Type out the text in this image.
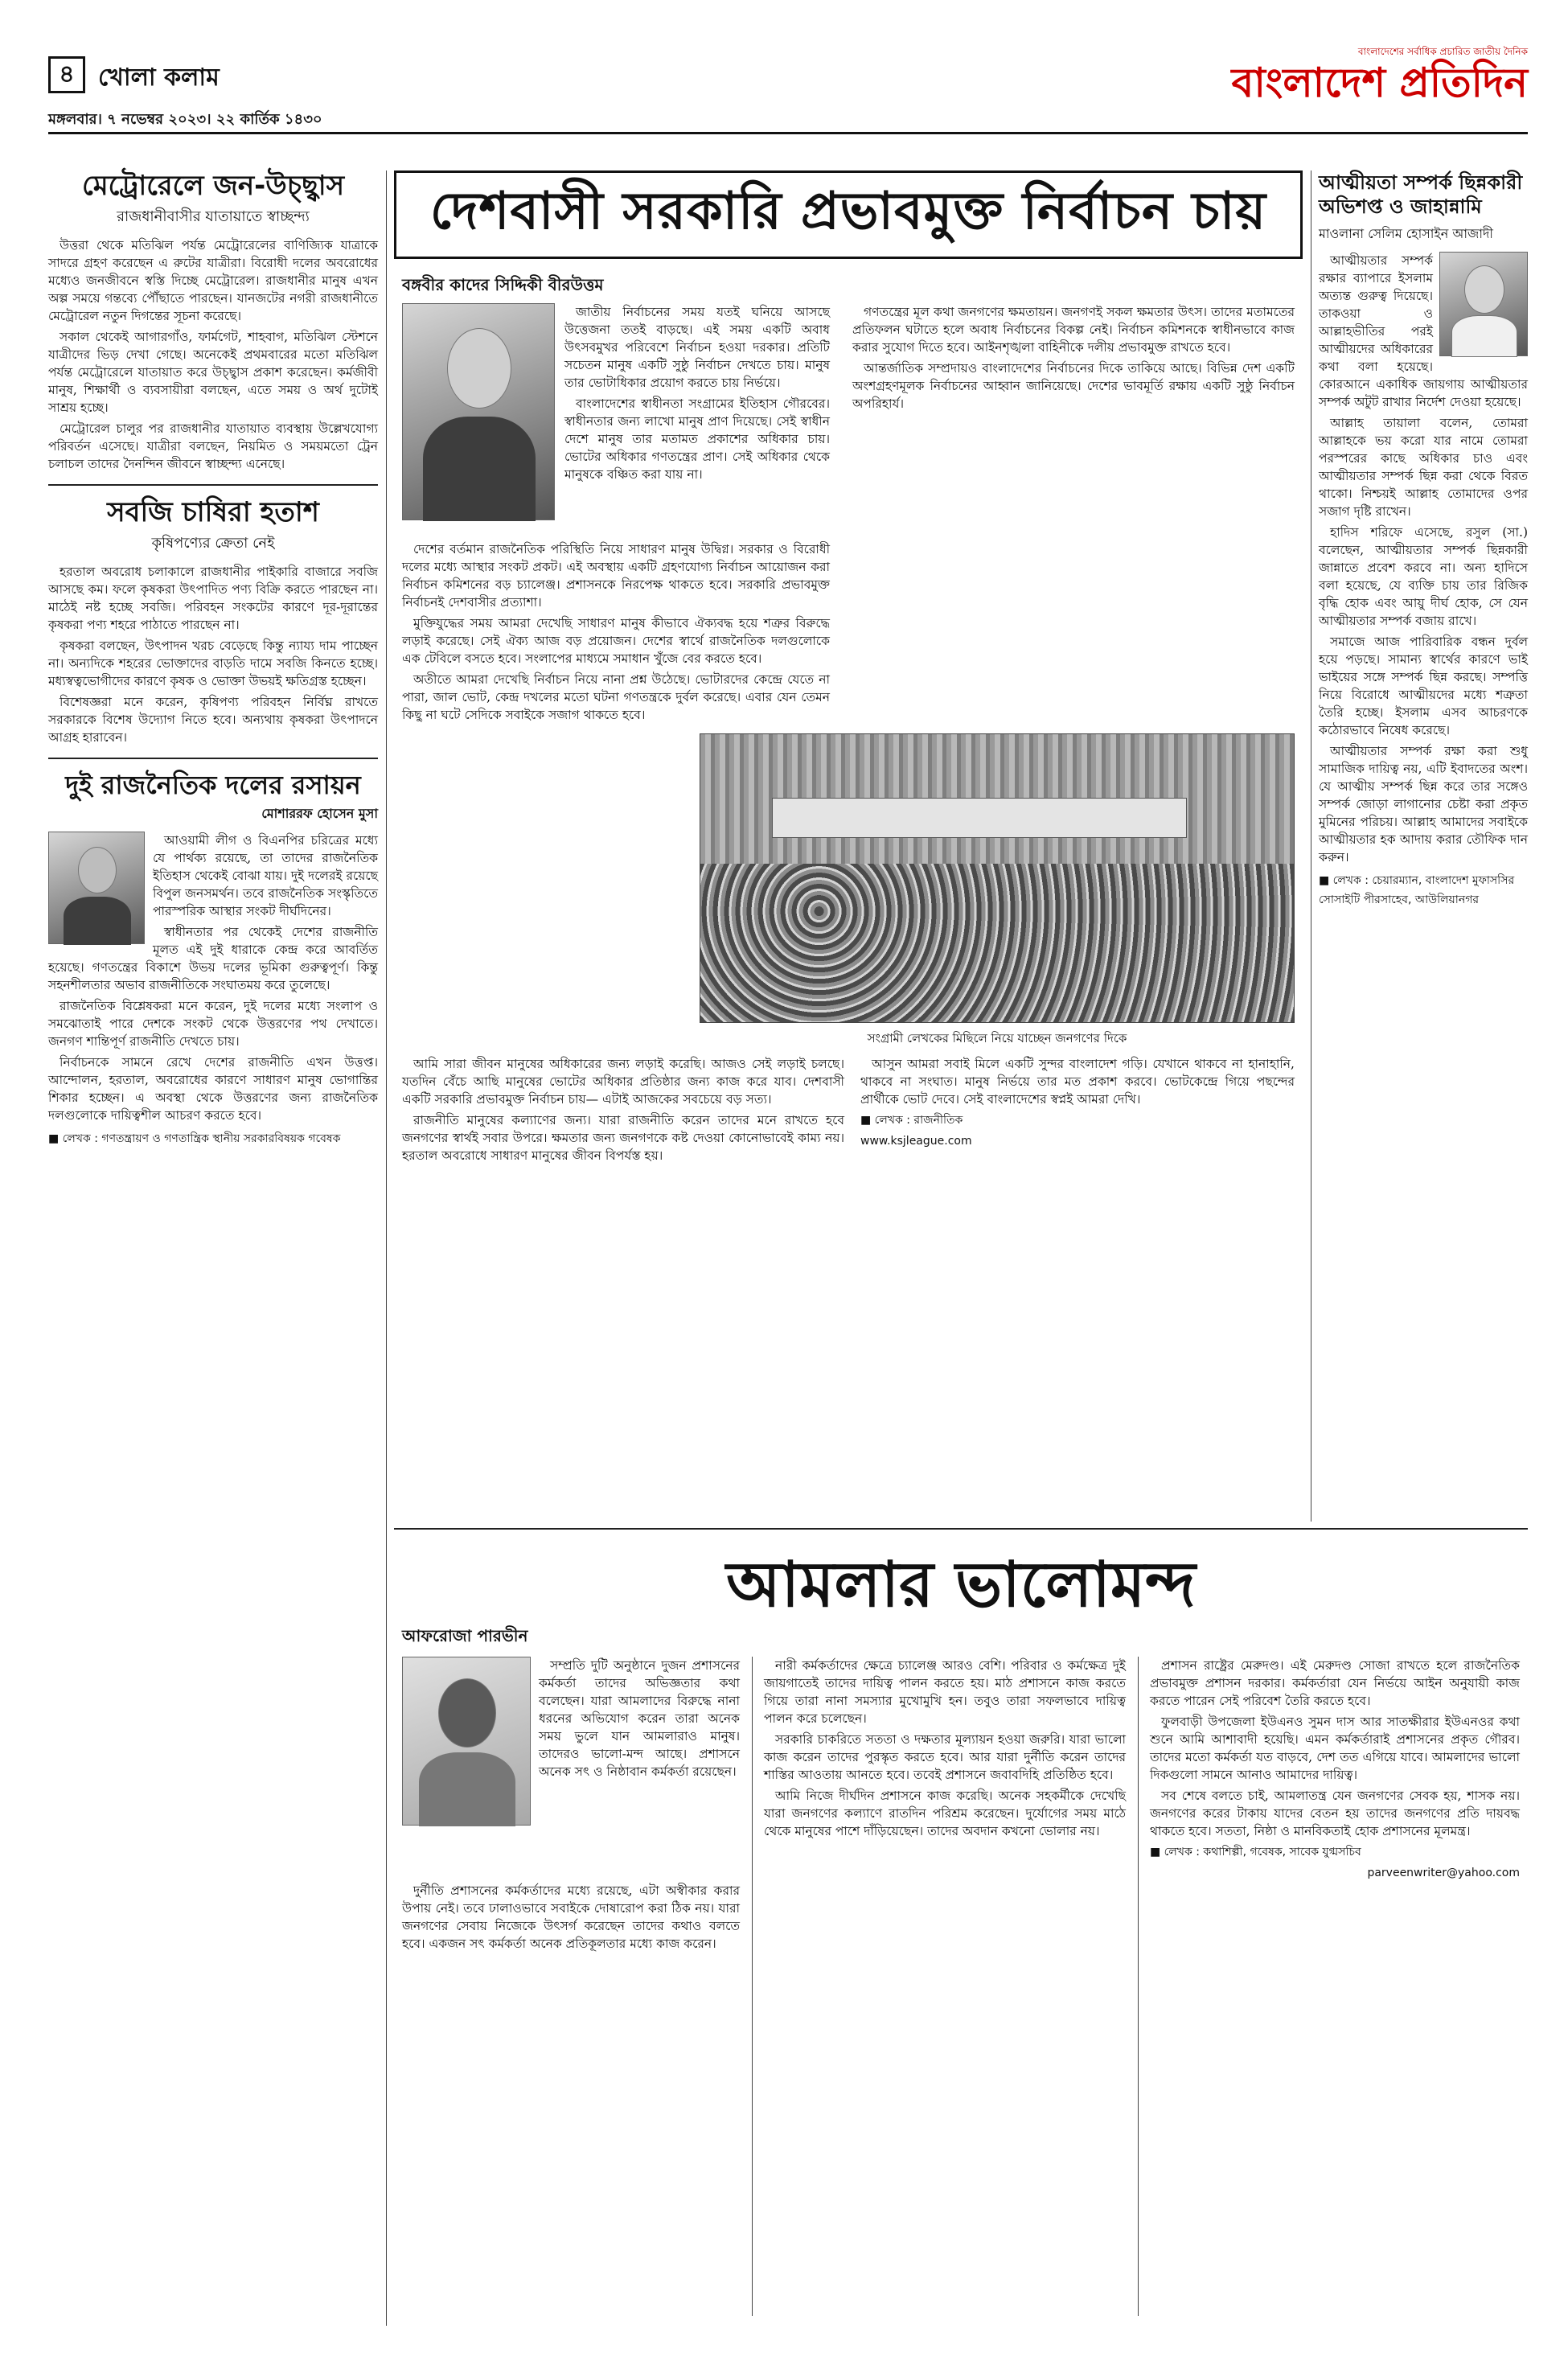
৪ খোলা কলাম
মঙ্গলবার। ৭ নভেম্বর ২০২৩। ২২ কার্তিক ১৪৩০
বাংলাদেশের সর্বাধিক প্রচারিত জাতীয় দৈনিক
বাংলাদেশ প্রতিদিন
মেট্রোরেলে জন-উচ্ছ্বাস
রাজধানীবাসীর যাতায়াতে স্বাচ্ছন্দ্য

উত্তরা থেকে মতিঝিল পর্যন্ত মেট্রোরেলের বাণিজ্যিক যাত্রাকে সাদরে গ্রহণ করেছেন এ রুটের যাত্রীরা। বিরোধী দলের অবরোধের মধ্যেও জনজীবনে স্বস্তি দিচ্ছে মেট্রোরেল। রাজধানীর মানুষ এখন অল্প সময়ে গন্তব্যে পৌঁছাতে পারছেন। যানজটের নগরী রাজধানীতে মেট্রোরেল নতুন দিগন্তের সূচনা করেছে।

সকাল থেকেই আগারগাঁও, ফার্মগেট, শাহবাগ, মতিঝিল স্টেশনে যাত্রীদের ভিড় দেখা গেছে। অনেকেই প্রথমবারের মতো মতিঝিল পর্যন্ত মেট্রোরেলে যাতায়াত করে উচ্ছ্বাস প্রকাশ করেছেন। কর্মজীবী মানুষ, শিক্ষার্থী ও ব্যবসায়ীরা বলছেন, এতে সময় ও অর্থ দুটোই সাশ্রয় হচ্ছে।

মেট্রোরেল চালুর পর রাজধানীর যাতায়াত ব্যবস্থায় উল্লেখযোগ্য পরিবর্তন এসেছে। যাত্রীরা বলছেন, নিয়মিত ও সময়মতো ট্রেন চলাচল তাদের দৈনন্দিন জীবনে স্বাচ্ছন্দ্য এনেছে।

সবজি চাষিরা হতাশ
কৃষিপণ্যের ক্রেতা নেই

হরতাল অবরোধ চলাকালে রাজধানীর পাইকারি বাজারে সবজি আসছে কম। ফলে কৃষকরা উৎপাদিত পণ্য বিক্রি করতে পারছেন না। মাঠেই নষ্ট হচ্ছে সবজি। পরিবহন সংকটের কারণে দূর-দূরান্তের কৃষকরা পণ্য শহরে পাঠাতে পারছেন না।

কৃষকরা বলছেন, উৎপাদন খরচ বেড়েছে কিন্তু ন্যায্য দাম পাচ্ছেন না। অন্যদিকে শহরের ভোক্তাদের বাড়তি দামে সবজি কিনতে হচ্ছে। মধ্যস্বত্বভোগীদের কারণে কৃষক ও ভোক্তা উভয়ই ক্ষতিগ্রস্ত হচ্ছেন।

বিশেষজ্ঞরা মনে করেন, কৃষিপণ্য পরিবহন নির্বিঘ্ন রাখতে সরকারকে বিশেষ উদ্যোগ নিতে হবে। অন্যথায় কৃষকরা উৎপাদনে আগ্রহ হারাবেন।

দুই রাজনৈতিক দলের রসায়ন
মোশাররফ হোসেন মুসা

আওয়ামী লীগ ও বিএনপির চরিত্রের মধ্যে যে পার্থক্য রয়েছে, তা তাদের রাজনৈতিক ইতিহাস থেকেই বোঝা যায়। দুই দলেরই রয়েছে বিপুল জনসমর্থন। তবে রাজনৈতিক সংস্কৃতিতে পারস্পরিক আস্থার সংকট দীর্ঘদিনের।

স্বাধীনতার পর থেকেই দেশের রাজনীতি মূলত এই দুই ধারাকে কেন্দ্র করে আবর্তিত হয়েছে। গণতন্ত্রের বিকাশে উভয় দলের ভূমিকা গুরুত্বপূর্ণ। কিন্তু সহনশীলতার অভাব রাজনীতিকে সংঘাতময় করে তুলেছে।

রাজনৈতিক বিশ্লেষকরা মনে করেন, দুই দলের মধ্যে সংলাপ ও সমঝোতাই পারে দেশকে সংকট থেকে উত্তরণের পথ দেখাতে। জনগণ শান্তিপূর্ণ রাজনীতি দেখতে চায়।

নির্বাচনকে সামনে রেখে দেশের রাজনীতি এখন উত্তপ্ত। আন্দোলন, হরতাল, অবরোধের কারণে সাধারণ মানুষ ভোগান্তির শিকার হচ্ছেন। এ অবস্থা থেকে উত্তরণের জন্য রাজনৈতিক দলগুলোকে দায়িত্বশীল আচরণ করতে হবে।

■ লেখক : গণতন্ত্রায়ণ ও গণতান্ত্রিক স্থানীয় সরকারবিষয়ক গবেষক
দেশবাসী সরকারি প্রভাবমুক্ত নির্বাচন চায়
বঙ্গবীর কাদের সিদ্দিকী বীরউত্তম

জাতীয় নির্বাচনের সময় যতই ঘনিয়ে আসছে উত্তেজনা ততই বাড়ছে। এই সময় একটি অবাধ উৎসবমুখর পরিবেশে নির্বাচন হওয়া দরকার। প্রতিটি সচেতন মানুষ একটি সুষ্ঠু নির্বাচন দেখতে চায়। মানুষ তার ভোটাধিকার প্রয়োগ করতে চায় নির্ভয়ে।

বাংলাদেশের স্বাধীনতা সংগ্রামের ইতিহাস গৌরবের। স্বাধীনতার জন্য লাখো মানুষ প্রাণ দিয়েছে। সেই স্বাধীন দেশে মানুষ তার মতামত প্রকাশের অধিকার চায়। ভোটের অধিকার গণতন্ত্রের প্রাণ। সেই অধিকার থেকে মানুষকে বঞ্চিত করা যায় না।

দেশের বর্তমান রাজনৈতিক পরিস্থিতি নিয়ে সাধারণ মানুষ উদ্বিগ্ন। সরকার ও বিরোধী দলের মধ্যে আস্থার সংকট প্রকট। এই অবস্থায় একটি গ্রহণযোগ্য নির্বাচন আয়োজন করা নির্বাচন কমিশনের বড় চ্যালেঞ্জ। প্রশাসনকে নিরপেক্ষ থাকতে হবে। সরকারি প্রভাবমুক্ত নির্বাচনই দেশবাসীর প্রত্যাশা।

মুক্তিযুদ্ধের সময় আমরা দেখেছি সাধারণ মানুষ কীভাবে ঐক্যবদ্ধ হয়ে শত্রুর বিরুদ্ধে লড়াই করেছে। সেই ঐক্য আজ বড় প্রয়োজন। দেশের স্বার্থে রাজনৈতিক দলগুলোকে এক টেবিলে বসতে হবে। সংলাপের মাধ্যমে সমাধান খুঁজে বের করতে হবে।

অতীতে আমরা দেখেছি নির্বাচন নিয়ে নানা প্রশ্ন উঠেছে। ভোটারদের কেন্দ্রে যেতে না পারা, জাল ভোট, কেন্দ্র দখলের মতো ঘটনা গণতন্ত্রকে দুর্বল করেছে। এবার যেন তেমন কিছু না ঘটে সেদিকে সবাইকে সজাগ থাকতে হবে।

গণতন্ত্রের মূল কথা জনগণের ক্ষমতায়ন। জনগণই সকল ক্ষমতার উৎস। তাদের মতামতের প্রতিফলন ঘটাতে হলে অবাধ নির্বাচনের বিকল্প নেই। নির্বাচন কমিশনকে স্বাধীনভাবে কাজ করার সুযোগ দিতে হবে। আইনশৃঙ্খলা বাহিনীকে দলীয় প্রভাবমুক্ত রাখতে হবে।

আন্তর্জাতিক সম্প্রদায়ও বাংলাদেশের নির্বাচনের দিকে তাকিয়ে আছে। বিভিন্ন দেশ একটি অংশগ্রহণমূলক নির্বাচনের আহ্বান জানিয়েছে। দেশের ভাবমূর্তি রক্ষায় একটি সুষ্ঠু নির্বাচন অপরিহার্য।

সংগ্রামী লেখকের মিছিলে নিয়ে যাচ্ছেন জনগণের দিকে

আমি সারা জীবন মানুষের অধিকারের জন্য লড়াই করেছি। আজও সেই লড়াই চলছে। যতদিন বেঁচে আছি মানুষের ভোটের অধিকার প্রতিষ্ঠার জন্য কাজ করে যাব। দেশবাসী একটি সরকারি প্রভাবমুক্ত নির্বাচন চায়— এটাই আজকের সবচেয়ে বড় সত্য।

রাজনীতি মানুষের কল্যাণের জন্য। যারা রাজনীতি করেন তাদের মনে রাখতে হবে জনগণের স্বার্থই সবার উপরে। ক্ষমতার জন্য জনগণকে কষ্ট দেওয়া কোনোভাবেই কাম্য নয়। হরতাল অবরোধে সাধারণ মানুষের জীবন বিপর্যস্ত হয়।

আসুন আমরা সবাই মিলে একটি সুন্দর বাংলাদেশ গড়ি। যেখানে থাকবে না হানাহানি, থাকবে না সংঘাত। মানুষ নির্ভয়ে তার মত প্রকাশ করবে। ভোটকেন্দ্রে গিয়ে পছন্দের প্রার্থীকে ভোট দেবে। সেই বাংলাদেশের স্বপ্নই আমরা দেখি।

■ লেখক : রাজনীতিক
www.ksjleague.com
আত্মীয়তা সম্পর্ক ছিন্নকারী অভিশপ্ত ও জাহান্নামি
মাওলানা সেলিম হোসাইন আজাদী

আত্মীয়তার সম্পর্ক রক্ষার ব্যাপারে ইসলাম অত্যন্ত গুরুত্ব দিয়েছে। তাকওয়া ও আল্লাহভীতির পরই আত্মীয়দের অধিকারের কথা বলা হয়েছে। কোরআনে একাধিক জায়গায় আত্মীয়তার সম্পর্ক অটুট রাখার নির্দেশ দেওয়া হয়েছে।

আল্লাহ তায়ালা বলেন, তোমরা আল্লাহকে ভয় করো যার নামে তোমরা পরস্পরের কাছে অধিকার চাও এবং আত্মীয়তার সম্পর্ক ছিন্ন করা থেকে বিরত থাকো। নিশ্চয়ই আল্লাহ তোমাদের ওপর সজাগ দৃষ্টি রাখেন।

হাদিস শরিফে এসেছে, রসুল (সা.) বলেছেন, আত্মীয়তার সম্পর্ক ছিন্নকারী জান্নাতে প্রবেশ করবে না। অন্য হাদিসে বলা হয়েছে, যে ব্যক্তি চায় তার রিজিক বৃদ্ধি হোক এবং আয়ু দীর্ঘ হোক, সে যেন আত্মীয়তার সম্পর্ক বজায় রাখে।

সমাজে আজ পারিবারিক বন্ধন দুর্বল হয়ে পড়ছে। সামান্য স্বার্থের কারণে ভাই ভাইয়ের সঙ্গে সম্পর্ক ছিন্ন করছে। সম্পত্তি নিয়ে বিরোধে আত্মীয়দের মধ্যে শত্রুতা তৈরি হচ্ছে। ইসলাম এসব আচরণকে কঠোরভাবে নিষেধ করেছে।

আত্মীয়তার সম্পর্ক রক্ষা করা শুধু সামাজিক দায়িত্ব নয়, এটি ইবাদতের অংশ। যে আত্মীয় সম্পর্ক ছিন্ন করে তার সঙ্গেও সম্পর্ক জোড়া লাগানোর চেষ্টা করা প্রকৃত মুমিনের পরিচয়। আল্লাহ আমাদের সবাইকে আত্মীয়তার হক আদায় করার তৌফিক দান করুন।

■ লেখক : চেয়ারম্যান, বাংলাদেশ মুফাসসির সোসাইটি পীরসাহেব, আউলিয়ানগর
আমলার ভালোমন্দ
আফরোজা পারভীন

সম্প্রতি দুটি অনুষ্ঠানে দুজন প্রশাসনের কর্মকর্তা তাদের অভিজ্ঞতার কথা বলেছেন। যারা আমলাদের বিরুদ্ধে নানা ধরনের অভিযোগ করেন তারা অনেক সময় ভুলে যান আমলারাও মানুষ। তাদেরও ভালো-মন্দ আছে। প্রশাসনে অনেক সৎ ও নিষ্ঠাবান কর্মকর্তা রয়েছেন।

দুর্নীতি প্রশাসনের কর্মকর্তাদের মধ্যে রয়েছে, এটা অস্বীকার করার উপায় নেই। তবে ঢালাওভাবে সবাইকে দোষারোপ করা ঠিক নয়। যারা জনগণের সেবায় নিজেকে উৎসর্গ করেছেন তাদের কথাও বলতে হবে। একজন সৎ কর্মকর্তা অনেক প্রতিকূলতার মধ্যে কাজ করেন।

নারী কর্মকর্তাদের ক্ষেত্রে চ্যালেঞ্জ আরও বেশি। পরিবার ও কর্মক্ষেত্র দুই জায়গাতেই তাদের দায়িত্ব পালন করতে হয়। মাঠ প্রশাসনে কাজ করতে গিয়ে তারা নানা সমস্যার মুখোমুখি হন। তবুও তারা সফলভাবে দায়িত্ব পালন করে চলেছেন।

সরকারি চাকরিতে সততা ও দক্ষতার মূল্যায়ন হওয়া জরুরি। যারা ভালো কাজ করেন তাদের পুরস্কৃত করতে হবে। আর যারা দুর্নীতি করেন তাদের শাস্তির আওতায় আনতে হবে। তবেই প্রশাসনে জবাবদিহি প্রতিষ্ঠিত হবে।

আমি নিজে দীর্ঘদিন প্রশাসনে কাজ করেছি। অনেক সহকর্মীকে দেখেছি যারা জনগণের কল্যাণে রাতদিন পরিশ্রম করেছেন। দুর্যোগের সময় মাঠে থেকে মানুষের পাশে দাঁড়িয়েছেন। তাদের অবদান কখনো ভোলার নয়।

প্রশাসন রাষ্ট্রের মেরুদণ্ড। এই মেরুদণ্ড সোজা রাখতে হলে রাজনৈতিক প্রভাবমুক্ত প্রশাসন দরকার। কর্মকর্তারা যেন নির্ভয়ে আইন অনুযায়ী কাজ করতে পারেন সেই পরিবেশ তৈরি করতে হবে।

ফুলবাড়ী উপজেলা ইউএনও সুমন দাস আর সাতক্ষীরার ইউএনওর কথা শুনে আমি আশাবাদী হয়েছি। এমন কর্মকর্তারাই প্রশাসনের প্রকৃত গৌরব। তাদের মতো কর্মকর্তা যত বাড়বে, দেশ তত এগিয়ে যাবে। আমলাদের ভালো দিকগুলো সামনে আনাও আমাদের দায়িত্ব।

সব শেষে বলতে চাই, আমলাতন্ত্র যেন জনগণের সেবক হয়, শাসক নয়। জনগণের করের টাকায় যাদের বেতন হয় তাদের জনগণের প্রতি দায়বদ্ধ থাকতে হবে। সততা, নিষ্ঠা ও মানবিকতাই হোক প্রশাসনের মূলমন্ত্র।

■ লেখক : কথাশিল্পী, গবেষক, সাবেক যুগ্মসচিব
parveenwriter@yahoo.com
